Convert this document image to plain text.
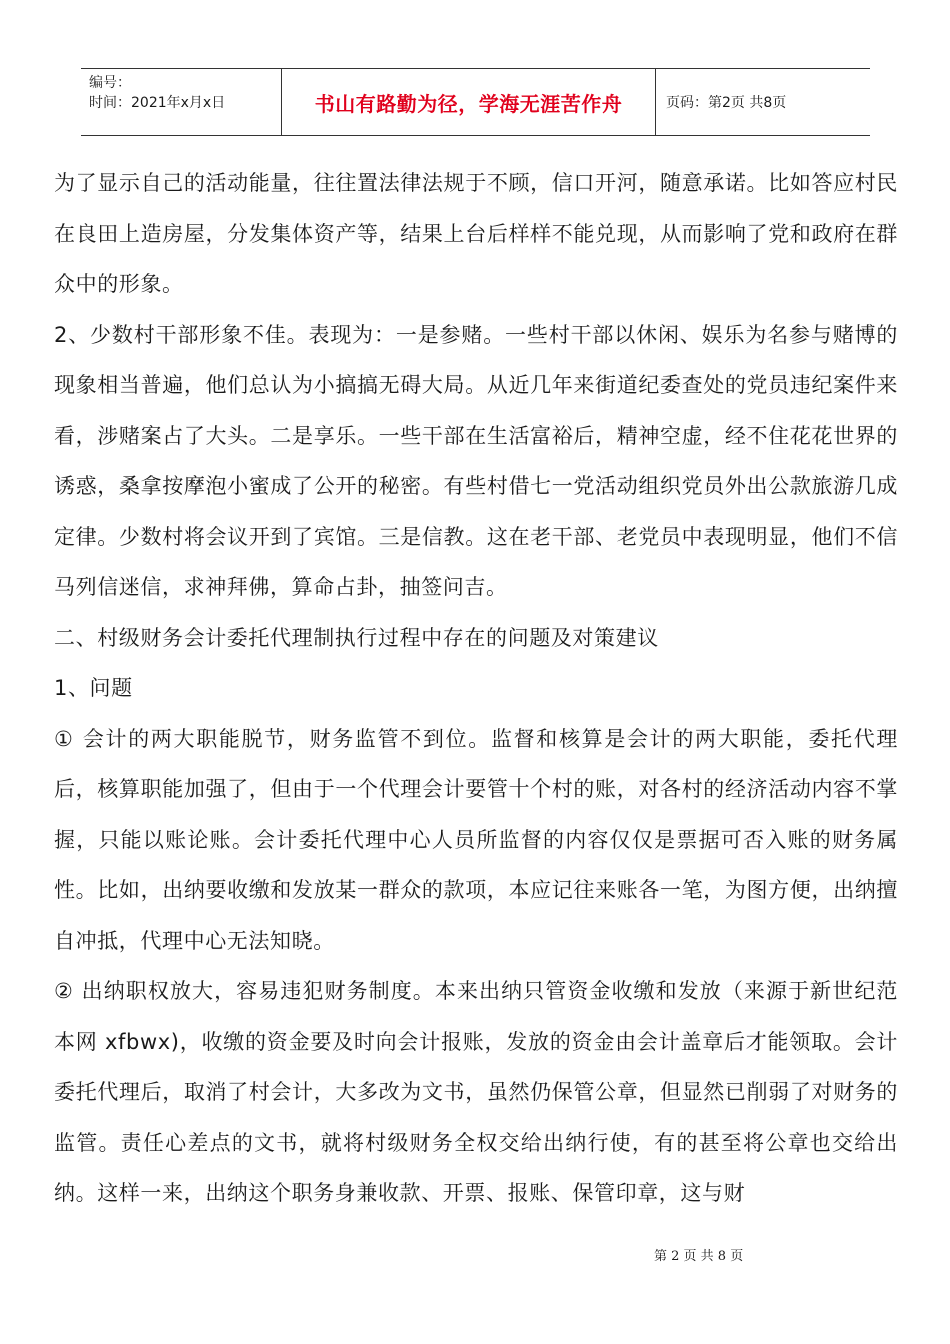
编号：
时间：2021年x月x日	书山有路勤为径，学海无涯苦作舟	页码：第2页 共8页

为了显示自己的活动能量，往往置法律法规于不顾，信口开河，随意承诺。比如答应村民在良田上造房屋，分发集体资产等，结果上台后样样不能兑现，从而影响了党和政府在群众中的形象。

2、少数村干部形象不佳。表现为：一是参赌。一些村干部以休闲、娱乐为名参与赌博的现象相当普遍，他们总认为小搞搞无碍大局。从近几年来街道纪委查处的党员违纪案件来看，涉赌案占了大头。二是享乐。一些干部在生活富裕后，精神空虚，经不住花花世界的诱惑，桑拿按摩泡小蜜成了公开的秘密。有些村借七一党活动组织党员外出公款旅游几成定律。少数村将会议开到了宾馆。三是信教。这在老干部、老党员中表现明显，他们不信马列信迷信，求神拜佛，算命占卦，抽签问吉。

二、村级财务会计委托代理制执行过程中存在的问题及对策建议

1、问题

① 会计的两大职能脱节，财务监管不到位。监督和核算是会计的两大职能，委托代理后，核算职能加强了，但由于一个代理会计要管十个村的账，对各村的经济活动内容不掌握，只能以账论账。会计委托代理中心人员所监督的内容仅仅是票据可否入账的财务属性。比如，出纳要收缴和发放某一群众的款项，本应记往来账各一笔，为图方便，出纳擅自冲抵，代理中心无法知晓。

② 出纳职权放大，容易违犯财务制度。本来出纳只管资金收缴和发放（来源于新世纪范本网 xfbwx)，收缴的资金要及时向会计报账，发放的资金由会计盖章后才能领取。会计委托代理后，取消了村会计，大多改为文书，虽然仍保管公章，但显然已削弱了对财务的监管。责任心差点的文书，就将村级财务全权交给出纳行使，有的甚至将公章也交给出纳。这样一来，出纳这个职务身兼收款、开票、报账、保管印章，这与财

第 2 页 共 8 页
